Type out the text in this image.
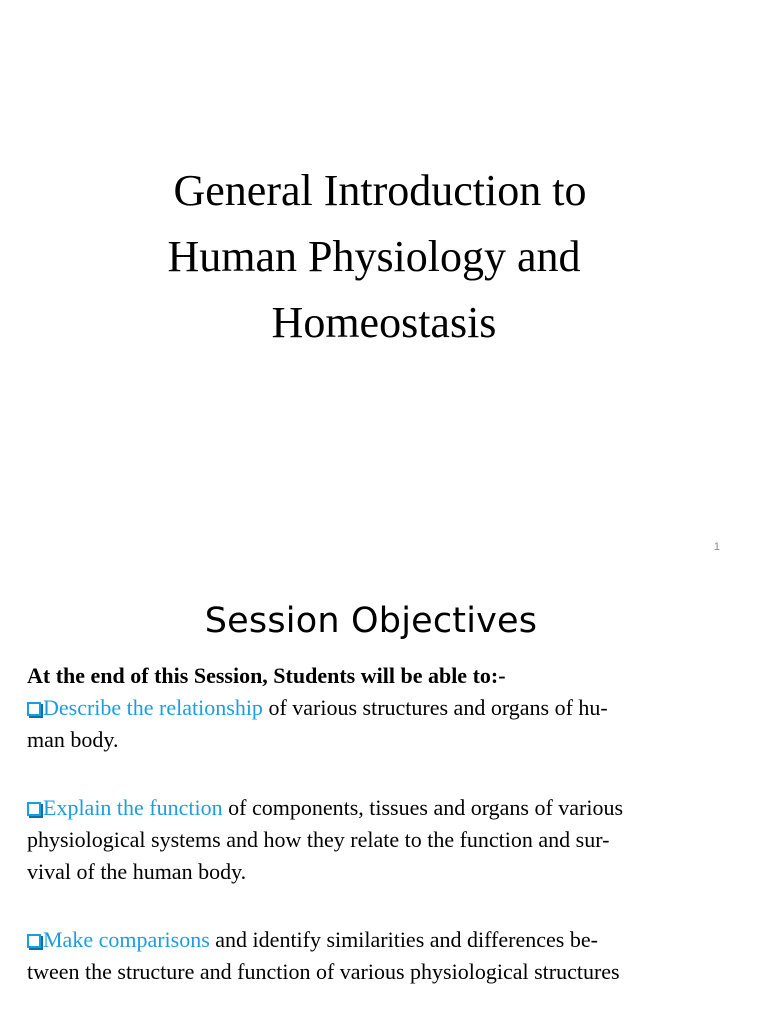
General Introduction to
Human Physiology and
Homeostasis
1
Session Objectives

At the end of this Session, Students will be able to:-

Describe the relationship of various structures and organs of hu-
man body.
Explain the function of components, tissues and organs of various
physiological systems and how they relate to the function and sur-
vival of the human body.
Make comparisons and identify similarities and differences be-
tween the structure and function of various physiological structures
